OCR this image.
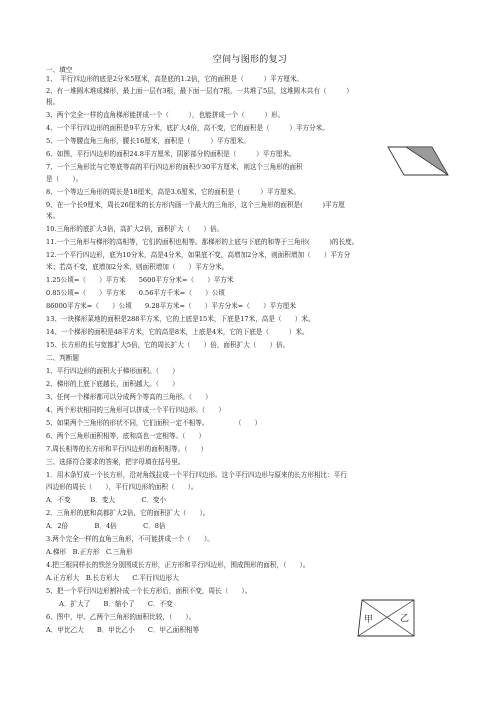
空间与图形的复习
一、填空
1、　平行四边形的底是2分米5厘米，高是底的1.2倍，它的面积是（　　　）平方厘米。
2、有一堆圆木堆成梯形，最上面一层有3根，最下面一层有7根，一共堆了5层，这堆圆木共有（　　　）
根。
3、两个完全一样的直角梯形能拼成一个（　　　），也能拼成一个（　　　）形。
4、一个平行四边形的面积是9平方分米，底扩大4倍，高不变，它的面积是（　　　）平方分米。
5、一个等腰直角三角形，腰长16厘米，面积是（　　　）平方厘米。
6、如图，平行四边形的面积24.8平方厘米，阴影部分的面积是（　　　）平方厘米。
7、一个三角形比与它等底等高的平行四边形的面积少30平方厘米，则这个三角形的面积
是（　　）。
8、一个等边三角形的周长是18厘米，高是3.6厘米，它的面积是（　　　）平方厘米。
9、在一个长9厘米，周长26厘米的长方形内画一个最大的三角形，这个三角形的面积是(　　　)平方厘
米。
10.三角形的底扩大3倍，高扩大2倍，面积扩大（　　）倍。
11.一个三角形与梯形的高相等，它们的面积也相等。那梯形的上底与下底的和等于三角形(　　　)的长度。
12.一个平行四边形，底为10分米，高是4分米，如果底不变，高增加2分米，则面积增加（　　）平方分
米；若高不变，底增加2分米，则面积增加（　　）平方分米。
1.25公顷=（　　）平方米　　5600平方分米=（　　）平方米
0.85公顷=（　　）平方米　　0.56平方千米=（　　）公顷
86000平方米=（　　）公顷　　9.28平方米=（　　）平方分米=（　　）平方厘米
13、一块梯形菜地的面积是288平方米，它的上底是15米，下底是17米，高是（　　）米。
14、一个梯形的面积是48平方米，它的高是8米，上底是4米，它的下底是（　　　）米。
15、长方形的长与宽都扩大5倍，它的周长扩大（　　）倍，面积扩大（　　）倍。
二、判断题
1、平行四边形的面积大于梯形面积。（　　）
2、梯形的上底下底越长，面积越大。（　　）
3、任何一个梯形都可以分成两个等高的三角形。（　　）
4、两个形状相同的三角形可以拼成一个平行四边形。（　　）
5、如果两个三角形的形状不同，它们面积一定不相等。　　　　　（　　）
6、两个三角形面积相等，底和高也一定相等。（　　）
7.周长相等的长方形和平行四边形的面积相等。（　　）
三、选择符合要求的答案，把字母填在括号里。
1．用木条钉成一个长方形，沿对角线拉成一个平行四边形。这个平行四边形与原来的长方形相比：平行
四边形的周长（　　），平行四边形的面积（　　）。
A．不变　　　B．变大　　　　C．变小
2．三角形的底和高都扩大2倍，它的面积扩大（　　）。
A．2倍　　　　B．4倍　　　　C．8倍
3.两个完全一样的直角三角形，不可能拼成一个（　　）。
A.梯形　B.正方形　C.三角形
4.把三根同样长的铁丝分别围成长方形，正方形和平行四边形，围成图形的面积，（　　）。
A.正方形大　B.长方形大　　C.平行四边形大
5、把一个平行四边形割补成一个长方形后，面积不变，周长（　　）。
　　A．扩大了　　B．缩小了　　C．不变
6、图中，甲、乙两个三角形的面积比较，（　　）。
A．甲比乙大　　B．甲比乙小　　C．甲乙面积相等
甲	乙
